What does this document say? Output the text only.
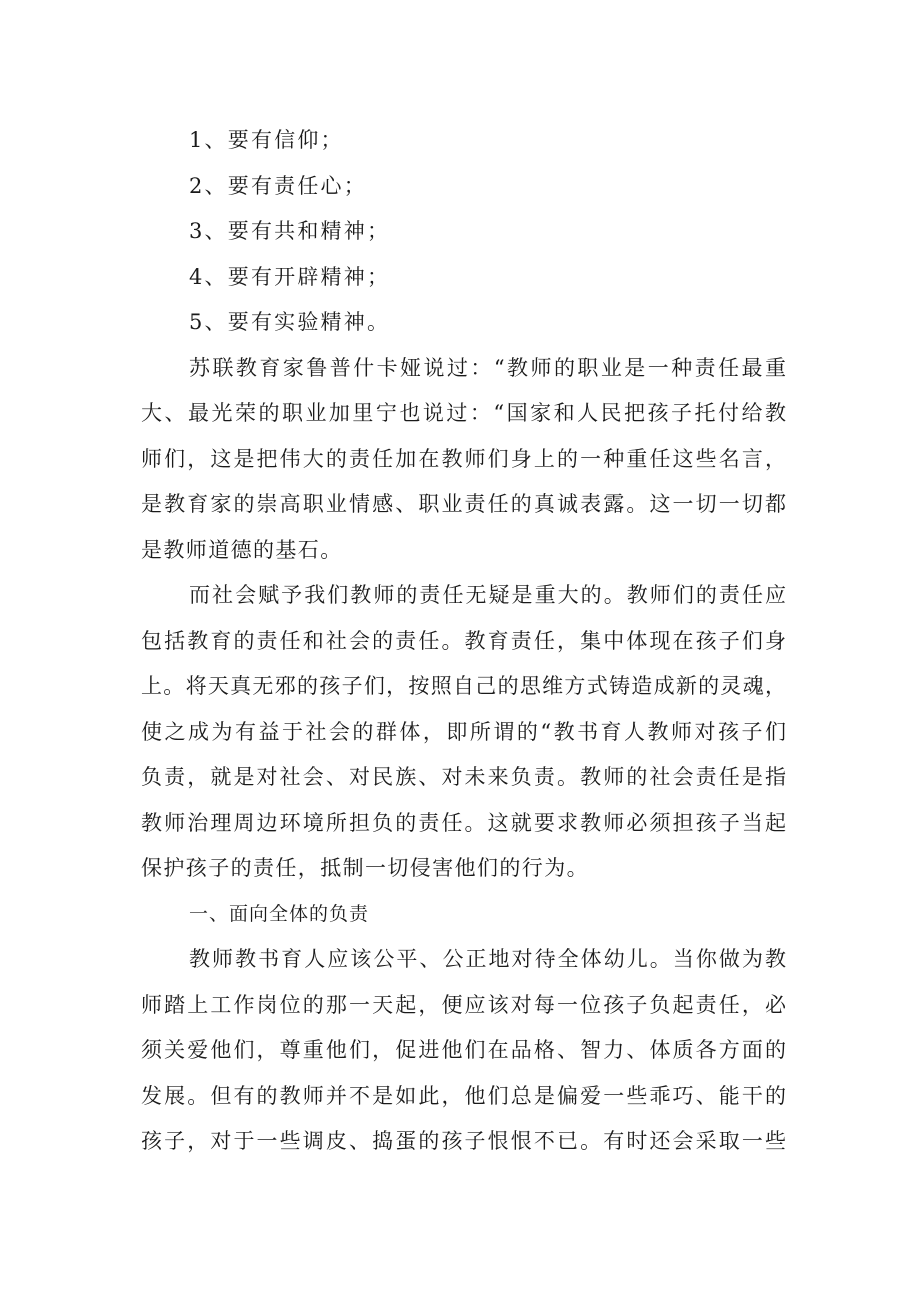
1、要有信仰；
2、要有责任心；
3、要有共和精神；
4、要有开辟精神；
5、要有实验精神。
苏联教育家鲁普什卡娅说过：“教师的职业是一种责任最重
大、最光荣的职业加里宁也说过：“国家和人民把孩子托付给教
师们，这是把伟大的责任加在教师们身上的一种重任这些名言，
是教育家的崇高职业情感、职业责任的真诚表露。这一切一切都
是教师道德的基石。
而社会赋予我们教师的责任无疑是重大的。教师们的责任应
包括教育的责任和社会的责任。教育责任，集中体现在孩子们身
上。将天真无邪的孩子们，按照自己的思维方式铸造成新的灵魂，
使之成为有益于社会的群体，即所谓的“教书育人教师对孩子们
负责，就是对社会、对民族、对未来负责。教师的社会责任是指
教师治理周边环境所担负的责任。这就要求教师必须担孩子当起
保护孩子的责任，抵制一切侵害他们的行为。
一、面向全体的负责
教师教书育人应该公平、公正地对待全体幼儿。当你做为教
师踏上工作岗位的那一天起，便应该对每一位孩子负起责任，必
须关爱他们，尊重他们，促进他们在品格、智力、体质各方面的
发展。但有的教师并不是如此，他们总是偏爱一些乖巧、能干的
孩子，对于一些调皮、捣蛋的孩子恨恨不已。有时还会采取一些
